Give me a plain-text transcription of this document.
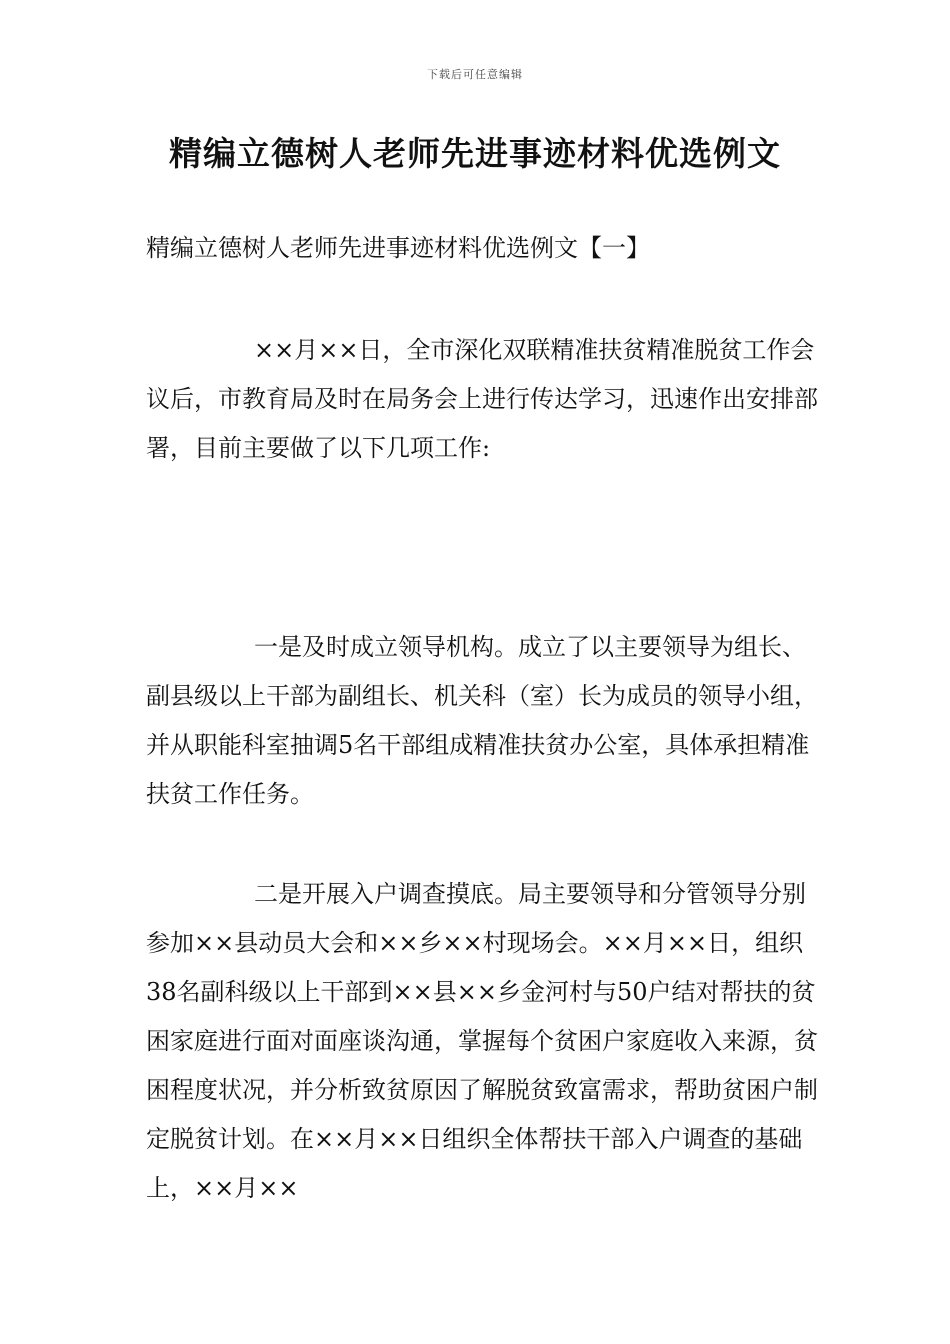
下载后可任意编辑
精编立德树人老师先进事迹材料优选例文
精编立德树人老师先进事迹材料优选例文【一】

××月××日，全市深化双联精准扶贫精准脱贫工作会议后，市教育局及时在局务会上进行传达学习，迅速作出安排部署，目前主要做了以下几项工作:

一是及时成立领导机构。成立了以主要领导为组长、副县级以上干部为副组长、机关科（室）长为成员的领导小组，并从职能科室抽调5名干部组成精准扶贫办公室，具体承担精准扶贫工作任务。

二是开展入户调查摸底。局主要领导和分管领导分别参加××县动员大会和××乡××村现场会。××月××日，组织38名副科级以上干部到××县××乡金河村与50户结对帮扶的贫困家庭进行面对面座谈沟通，掌握每个贫困户家庭收入来源，贫困程度状况，并分析致贫原因了解脱贫致富需求，帮助贫困户制定脱贫计划。在××月××日组织全体帮扶干部入户调查的基础上，××月××
